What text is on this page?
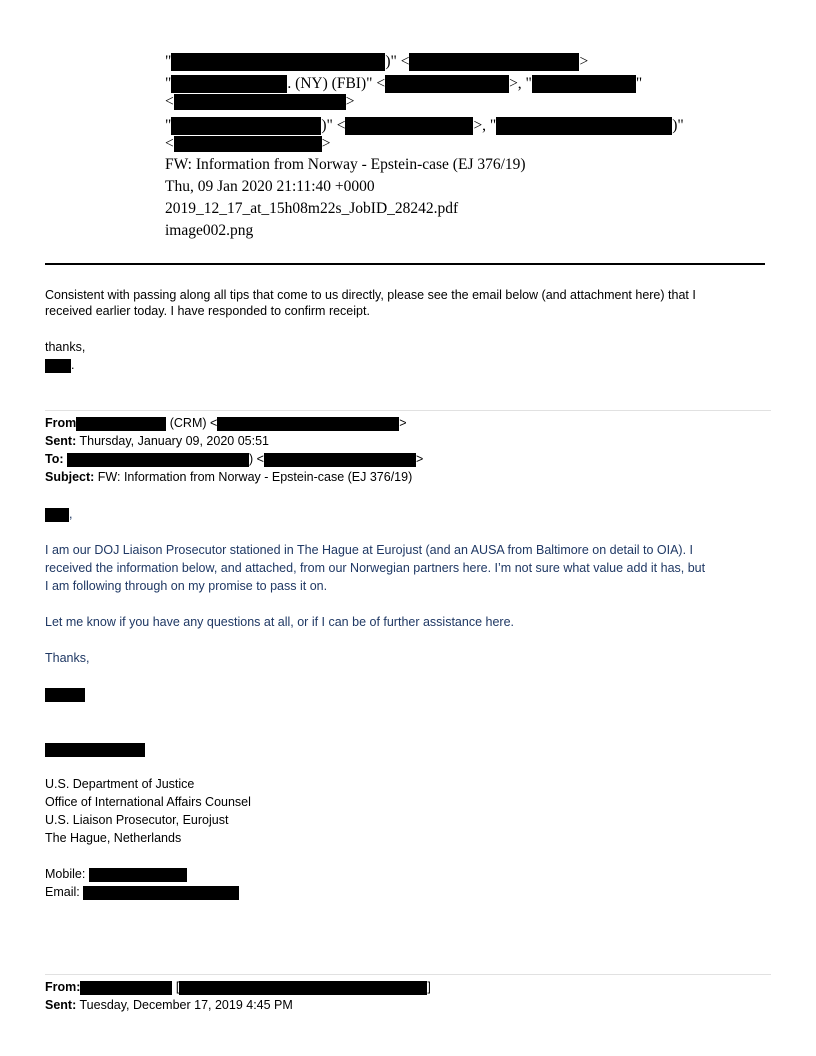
"	)" <	>
"	. (NY) (FBI)" <	>, "	"
<	>
"	)" <	>, "	)"
<	>
FW: Information from Norway - Epstein-case (EJ 376/19)
Thu, 09 Jan 2020 21:11:40 +0000
2019_12_17_at_15h08m22s_JobID_28242.pdf
image002.png
Consistent with passing along all tips that come to us directly, please see the email below (and attachment here) that I
received earlier today. I have responded to confirm receipt.
thanks,
.
From	(CRM) <	>
Sent: Thursday, January 09, 2020 05:51
To:	) <	>
Subject: FW: Information from Norway - Epstein-case (EJ 376/19)
,
I am our DOJ Liaison Prosecutor stationed in The Hague at Eurojust (and an AUSA from Baltimore on detail to OIA). I
received the information below, and attached, from our Norwegian partners here. I’m not sure what value add it has, but
I am following through on my promise to pass it on.
Let me know if you have any questions at all, or if I can be of further assistance here.
Thanks,
U.S. Department of Justice
Office of International Affairs Counsel
U.S. Liaison Prosecutor, Eurojust
The Hague, Netherlands
Mobile:
Email:
From:	[	]
Sent: Tuesday, December 17, 2019 4:45 PM
